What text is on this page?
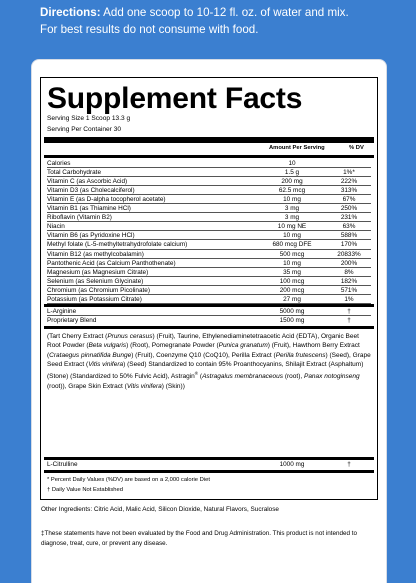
Directions: Add one scoop to 10-12 fl. oz. of water and mix.
For best results do not consume with food.
Supplement Facts
Serving Size 1 Scoop 13.3 g
Serving Per Container 30
Amount Per Serving	% DV
Calories	10
Total Carbohydrate	1.5 g	1%*
Vitamin C (as Ascorbic Acid)	200 mg	222%
Vitamin D3 (as Cholecalciferol)	62.5 mcg	313%
Vitamin E (as D-alpha tocopherol acetate)	10 mg	67%
Vitamin B1 (as Thiamine HCl)	3 mg	250%
Riboflavin (Vitamin B2)	3 mg	231%
Niacin	10 mg NE	63%
Vitamin B6 (as Pyridoxine HCl)	10 mg	588%
Methyl folate (L-5-methyltetrahydrofolate calcium)	680 mcg DFE	170%
Vitamin B12 (as methylcobalamin)	500 mcg	20833%
Pantothenic Acid (as Calcium Panthothenate)	10 mg	200%
Magnesium (as Magnesium Citrate)	35 mg	8%
Selenium (as Selenium Glycinate)	100 mcg	182%
Chromium (as Chromium Picolinate)	200 mcg	571%
Potassium (as Potassium Citrate)	27 mg	1%
L-Arginine	5000 mg	†
Proprietary Blend	1500 mg	†
(Tart Cherry Extract (Prunus cerasus) (Fruit), Taurine, Ethylenediaminetetraacetic Acid (EDTA), Organic Beet Root Powder (Beta vulgaris) (Root), Pomegranate Powder (Punica granatum) (Fruit), Hawthorn Berry Extract (Crataegus pinnatifida Bunge) (Fruit), Coenzyme Q10 (CoQ10), Perilla Extract (Perilla frutescens) (Seed), Grape Seed Extract (Vitis vinifera) (Seed) Standardized to contain 95% Proanthocyanins, Shilajit Extract (Asphaltum) (Stone) (Standardized to 50% Fulvic Acid), Astragin® (Astragalus membranaceous (root), Panax notoginseng (root)), Grape Skin Extract (Vitis vinifera) (Skin))
L-Citrulline	1000 mg	†
* Percent Daily Values (%DV) are based on a 2,000 calorie Diet
† Daily Value Not Established
Other Ingredients: Citric Acid, Malic Acid, Silicon Dioxide, Natural Flavors, Sucralose
‡These statements have not been evaluated by the Food and Drug Administration. This product is not intended to diagnose, treat, cure, or prevent any disease.
